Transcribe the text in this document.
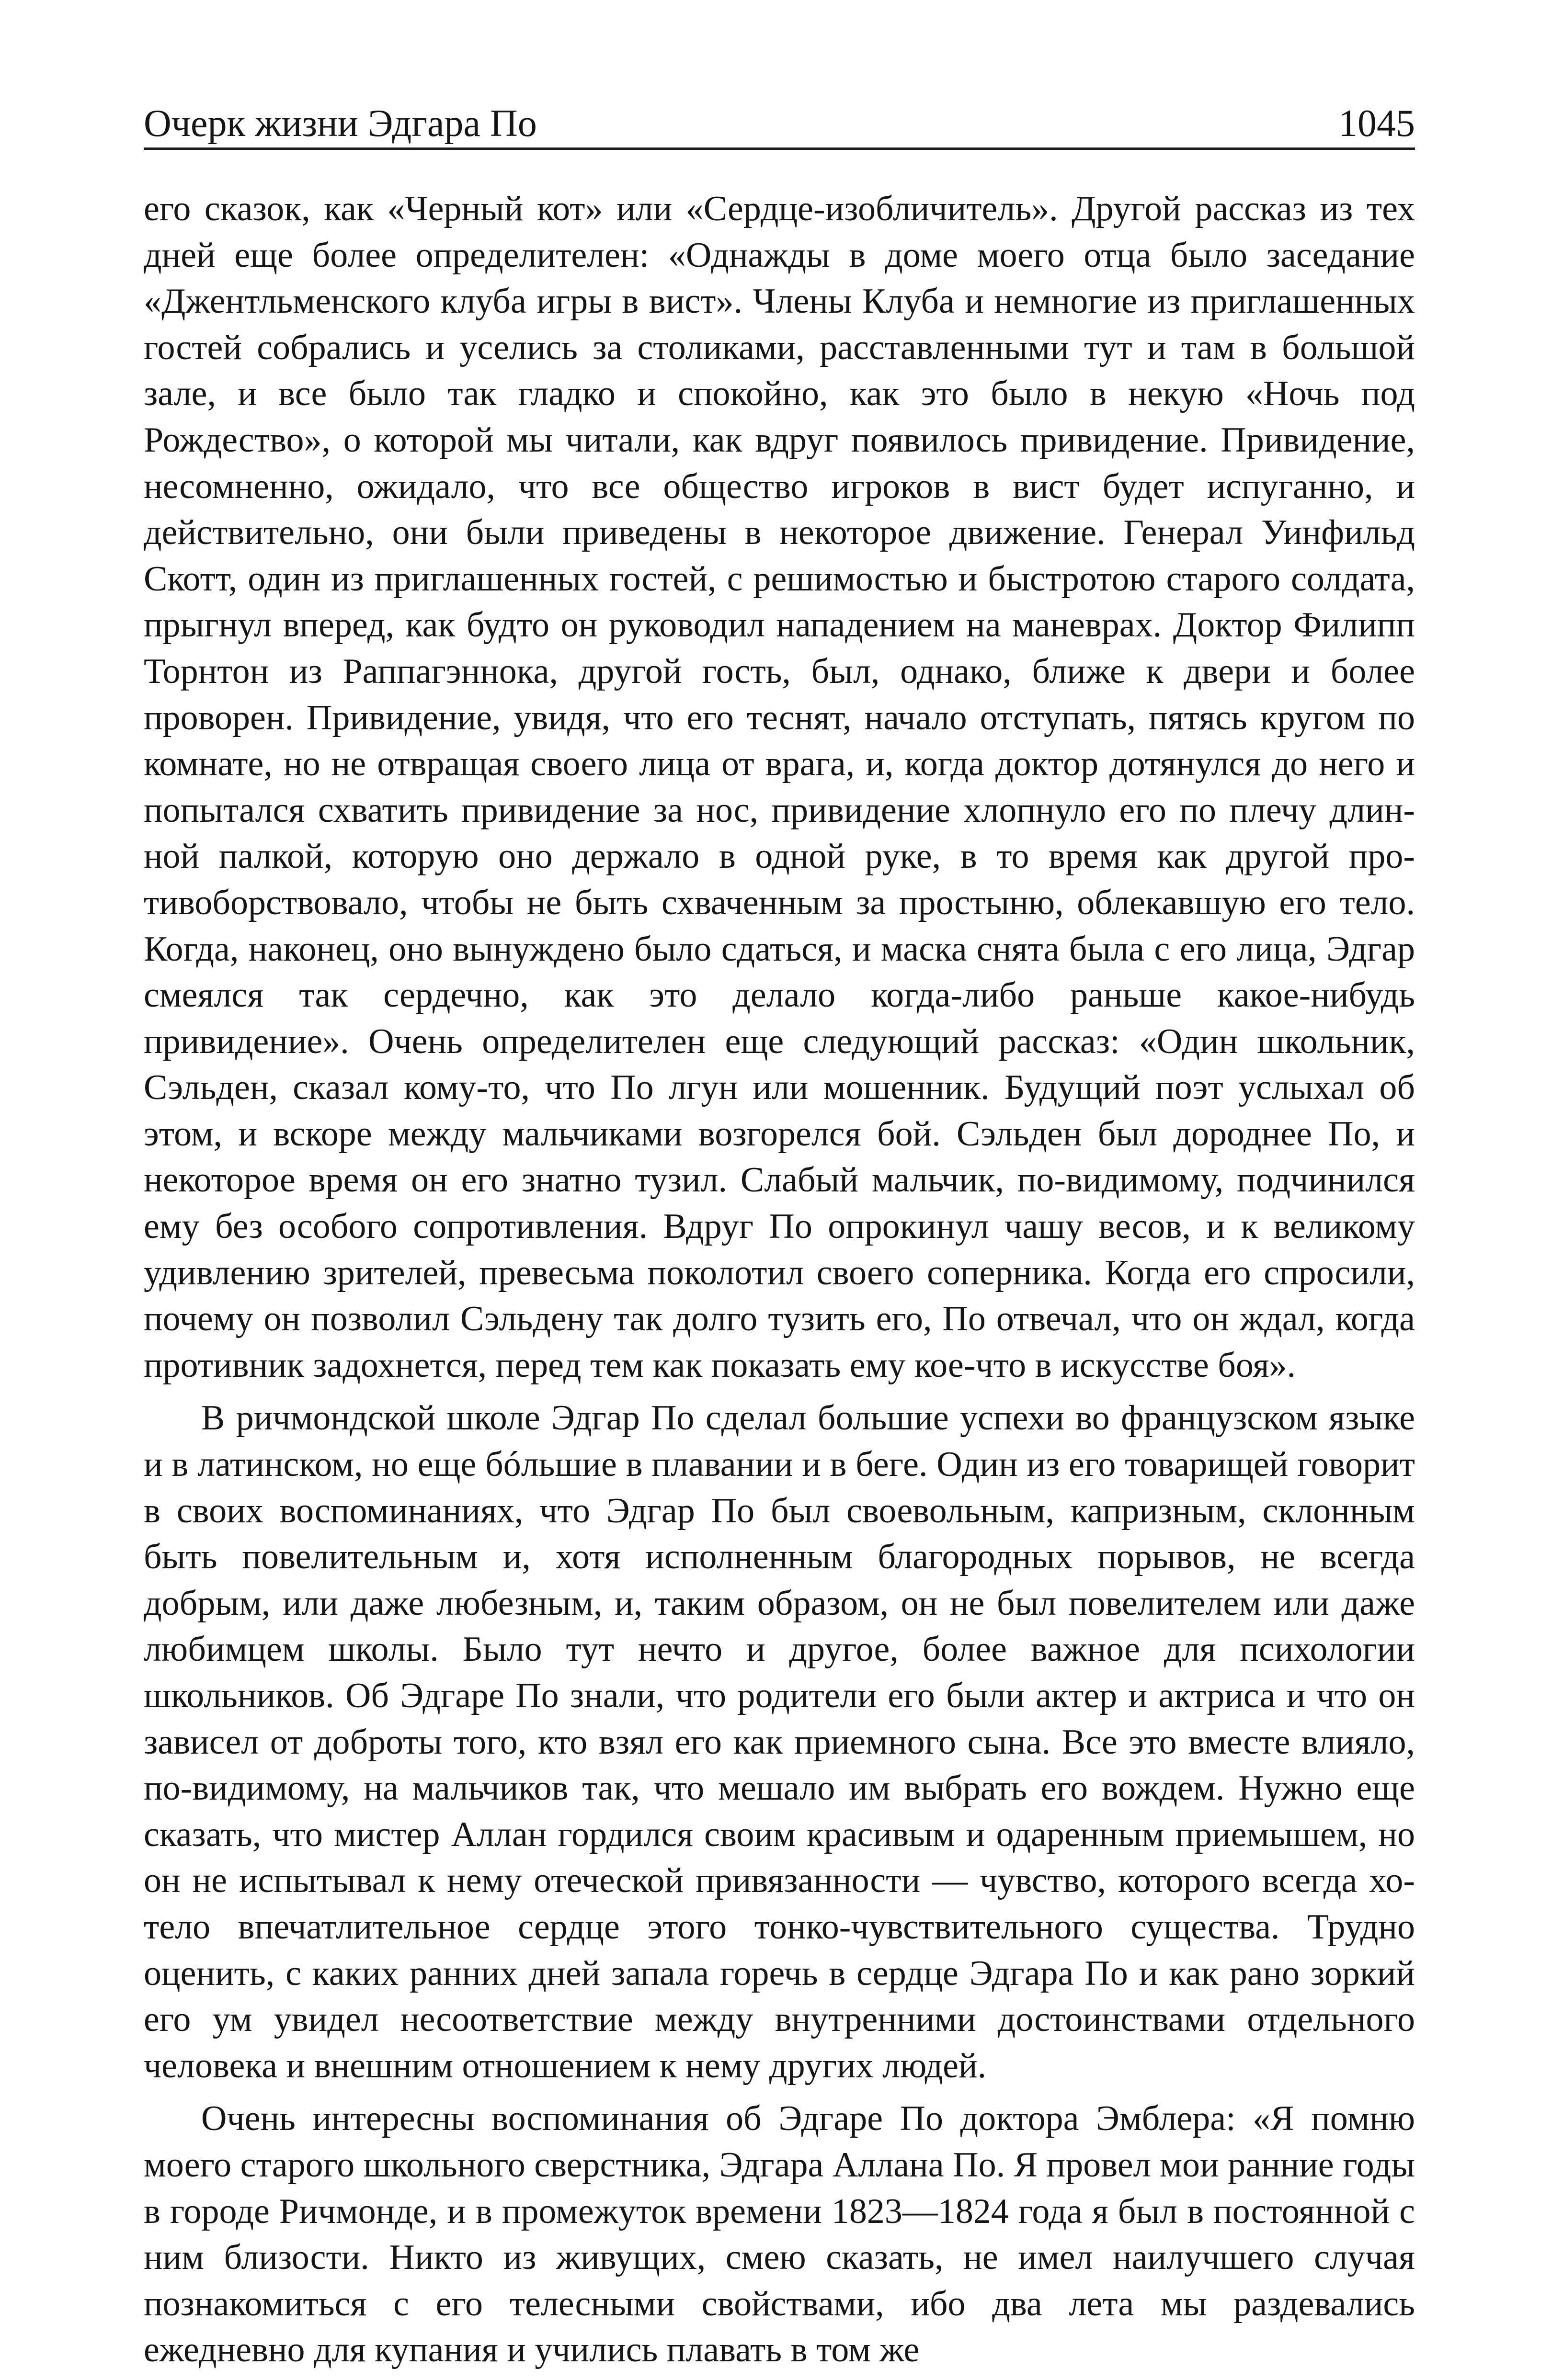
Очерк жизни Эдгара По	1045

его сказок, как «Черный кот» или «Сердце-изобличитель». Другой рассказ из тех дней еще более определителен: «Однажды в доме моего отца было заседание «Джентльменского клуба игры в вист». Члены Клуба и немногие из приглашенных гостей собрались и уселись за столиками, расставленными тут и там в большой зале, и все было так гладко и спокойно, как это было в некую «Ночь под Рождество», о которой мы читали, как вдруг появилось привидение. Привидение, несомненно, ожидало, что все общество игроков в вист будет испуганно, и действительно, они были приведены в некоторое движение. Генерал Уинфильд Скотт, один из приглашенных гостей, с решимостью и быстротою старого солдата, прыгнул вперед, как будто он руководил нападением на маневрах. Доктор Филипп Торнтон из Раппагэннока, другой гость, был, однако, ближе к двери и более проворен. Привидение, увидя, что его теснят, начало отступать, пятясь кругом по комнате, но не отвращая своего лица от врага, и, когда доктор дотянулся до него и попытался схватить привидение за нос, привидение хлопнуло его по плечу длинной палкой, которую оно держало в одной руке, в то время как другой противоборствовало, чтобы не быть схваченным за простыню, облекавшую его тело. Когда, наконец, оно вынуждено было сдаться, и маска снята была с его лица, Эдгар смеялся так сердечно, как это делало когда-либо раньше какое-нибудь привидение». Очень определителен еще следующий рассказ: «Один школьник, Сэльден, сказал кому-то, что По лгун или мошенник. Будущий поэт услыхал об этом, и вскоре между мальчиками возгорелся бой. Сэльден был дороднее По, и некоторое время он его знатно тузил. Слабый мальчик, по-видимому, подчинился ему без особого сопротивления. Вдруг По опрокинул чашу весов, и к великому удивлению зрителей, превесьма поколотил своего соперника. Когда его спросили, почему он позволил Сэльдену так долго тузить его, По отвечал, что он ждал, когда противник задохнется, перед тем как показать ему кое-что в искусстве боя».

В ричмондской школе Эдгар По сделал большие успехи во французском языке и в латинском, но еще бóльшие в плавании и в беге. Один из его товарищей говорит в своих воспоминаниях, что Эдгар По был своевольным, капризным, склонным быть повелительным и, хотя исполненным благородных порывов, не всегда добрым, или даже любезным, и, таким образом, он не был повелителем или даже любимцем школы. Было тут нечто и другое, более важное для психологии школьников. Об Эдгаре По знали, что родители его были актер и актриса и что он зависел от доброты того, кто взял его как приемного сына. Все это вместе влияло, по-видимому, на мальчиков так, что мешало им выбрать его вождем. Нужно еще сказать, что мистер Аллан гордился своим красивым и одаренным приемышем, но он не испытывал к нему отеческой привязанности — чувство, которого всегда хотело впечатлительное сердце этого тонко-чувствительного существа. Трудно оценить, с каких ранних дней запала горечь в сердце Эдгара По и как рано зоркий его ум увидел несоответствие между внутренними достоинствами отдельного человека и внешним отношением к нему других людей.

Очень интересны воспоминания об Эдгаре По доктора Эмблера: «Я помню моего старого школьного сверстника, Эдгара Аллана По. Я провел мои ранние годы в городе Ричмонде, и в промежуток времени 1823—1824 года я был в постоянной с ним близости. Никто из живущих, смею сказать, не имел наилучшего случая познакомиться с его телесными свойствами, ибо два лета мы раздевались ежедневно для купания и учились плавать в том же
